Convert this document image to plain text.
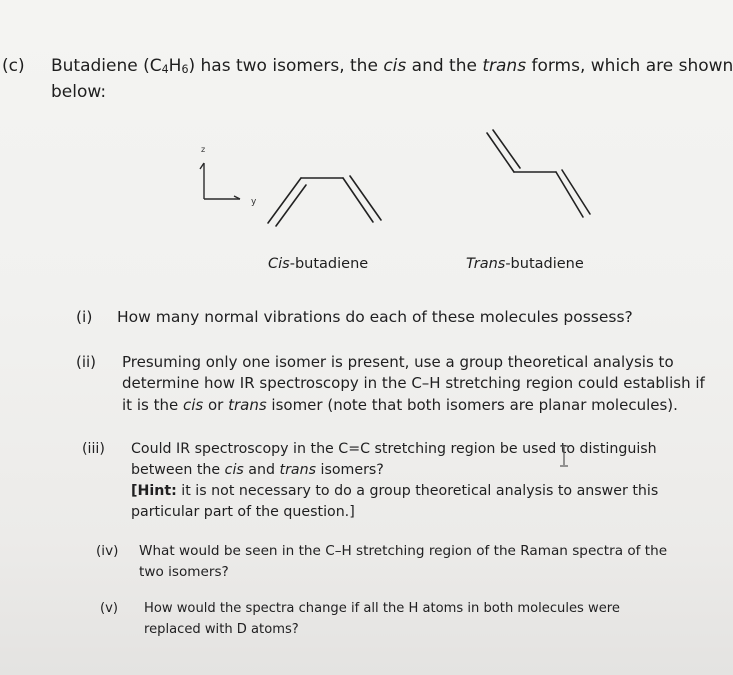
(c) Butadiene $(C_4H_6)$ has two isomers, the cis and the trans forms, which are shown
below:
z
y
Cis-butadiene	Trans-butadiene
(i) How many normal vibrations do each of these molecules possess?
(ii) Presuming only one isomer is present, use a group theoretical analysis to
determine how IR spectroscopy in the C–H stretching region could establish if
it is the cis or trans isomer (note that both isomers are planar molecules).
(iii) Could IR spectroscopy in the C=C stretching region be used to distinguish
between the cis and trans isomers?
[Hint: it is not necessary to do a group theoretical analysis to answer this
particular part of the question.]
(iv) What would be seen in the C–H stretching region of the Raman spectra of the
two isomers?
(v) How would the spectra change if all the H atoms in both molecules were
replaced with D atoms?
